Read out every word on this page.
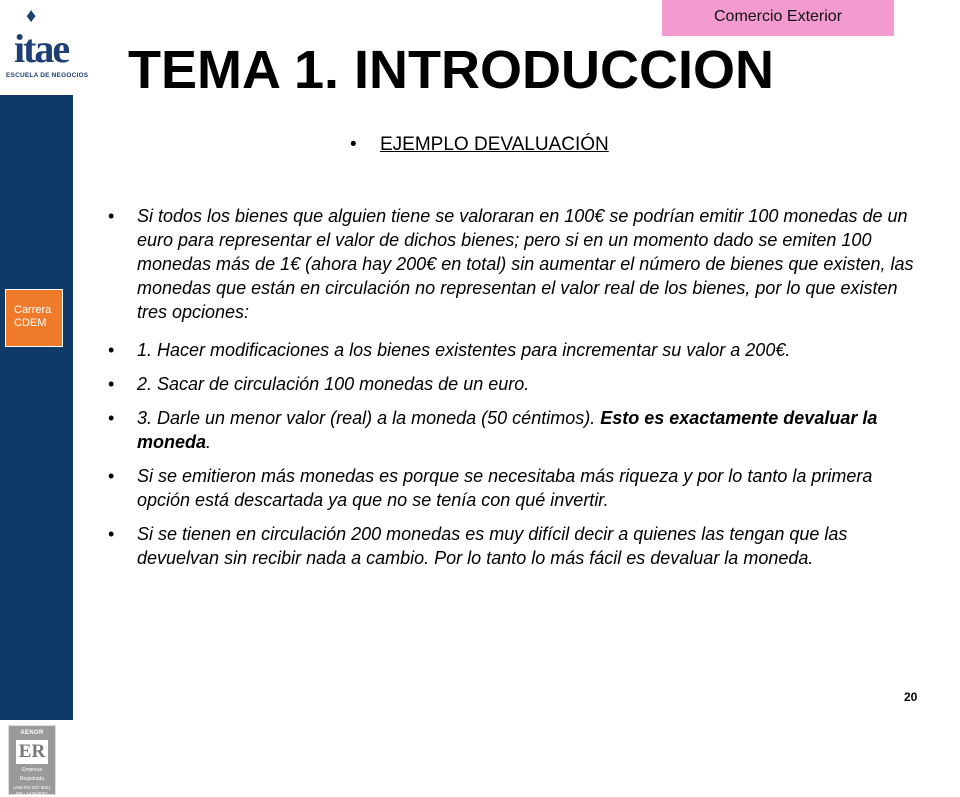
♦
itae
ESCUELA DE NEGOCIOS
Carrera
CDEM
AENOR
ER
Empresa
Registrada
UNE-EN ISO 9001
ER - 1435/2007
Comercio Exterior
TEMA 1. INTRODUCCION
• EJEMPLO DEVALUACIÓN
• Si todos los bienes que alguien tiene se valoraran en 100€ se podrían emitir 100 monedas de un euro para representar el valor de dichos bienes; pero si en un momento dado se emiten 100 monedas más de 1€ (ahora hay 200€ en total) sin aumentar el número de bienes que existen, las monedas que están en circulación no representan el valor real de los bienes, por lo que existen tres opciones:
• 1. Hacer modificaciones a los bienes existentes para incrementar su valor a 200€.
• 2. Sacar de circulación 100 monedas de un euro.
• 3. Darle un menor valor (real) a la moneda (50 céntimos). Esto es exactamente devaluar la moneda.
• Si se emitieron más monedas es porque se necesitaba más riqueza y por lo tanto la primera opción está descartada ya que no se tenía con qué invertir.
• Si se tienen en circulación 200 monedas es muy difícil decir a quienes las tengan que las devuelvan sin recibir nada a cambio. Por lo tanto lo más fácil es devaluar la moneda.
20
